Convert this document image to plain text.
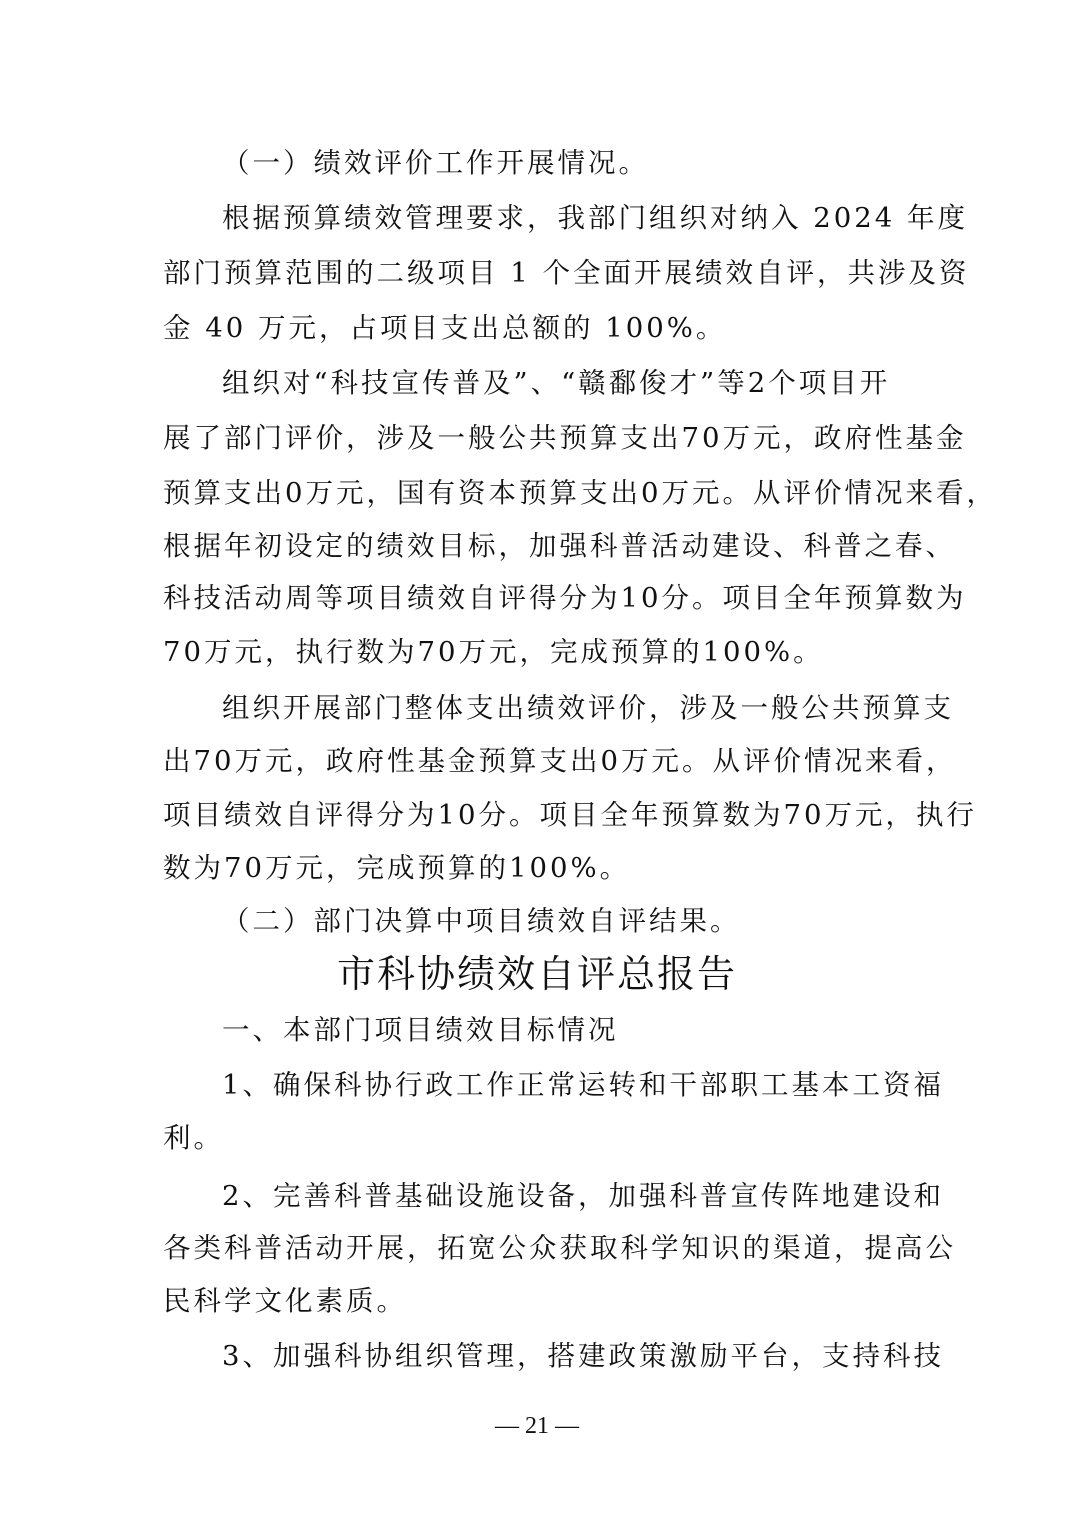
（一）绩效评价工作开展情况。

根据预算绩效管理要求，我部门组织对纳入 2024 年度

部门预算范围的二级项目 1 个全面开展绩效自评，共涉及资

金 40 万元，占项目支出总额的 100%。

组织对“科技宣传普及”、“赣鄱俊才”等2个项目开

展了部门评价，涉及一般公共预算支出70万元，政府性基金

预算支出0万元，国有资本预算支出0万元。从评价情况来看，

根据年初设定的绩效目标，加强科普活动建设、科普之春、

科技活动周等项目绩效自评得分为10分。项目全年预算数为

70万元，执行数为70万元，完成预算的100%。

组织开展部门整体支出绩效评价，涉及一般公共预算支

出70万元，政府性基金预算支出0万元。从评价情况来看，

项目绩效自评得分为10分。项目全年预算数为70万元，执行

数为70万元，完成预算的100%。

（二）部门决算中项目绩效自评结果。

市科协绩效自评总报告

一、本部门项目绩效目标情况

1、确保科协行政工作正常运转和干部职工基本工资福

利。

2、完善科普基础设施设备，加强科普宣传阵地建设和

各类科普活动开展，拓宽公众获取科学知识的渠道，提高公

民科学文化素质。

3、加强科协组织管理，搭建政策激励平台，支持科技

— 21 —
